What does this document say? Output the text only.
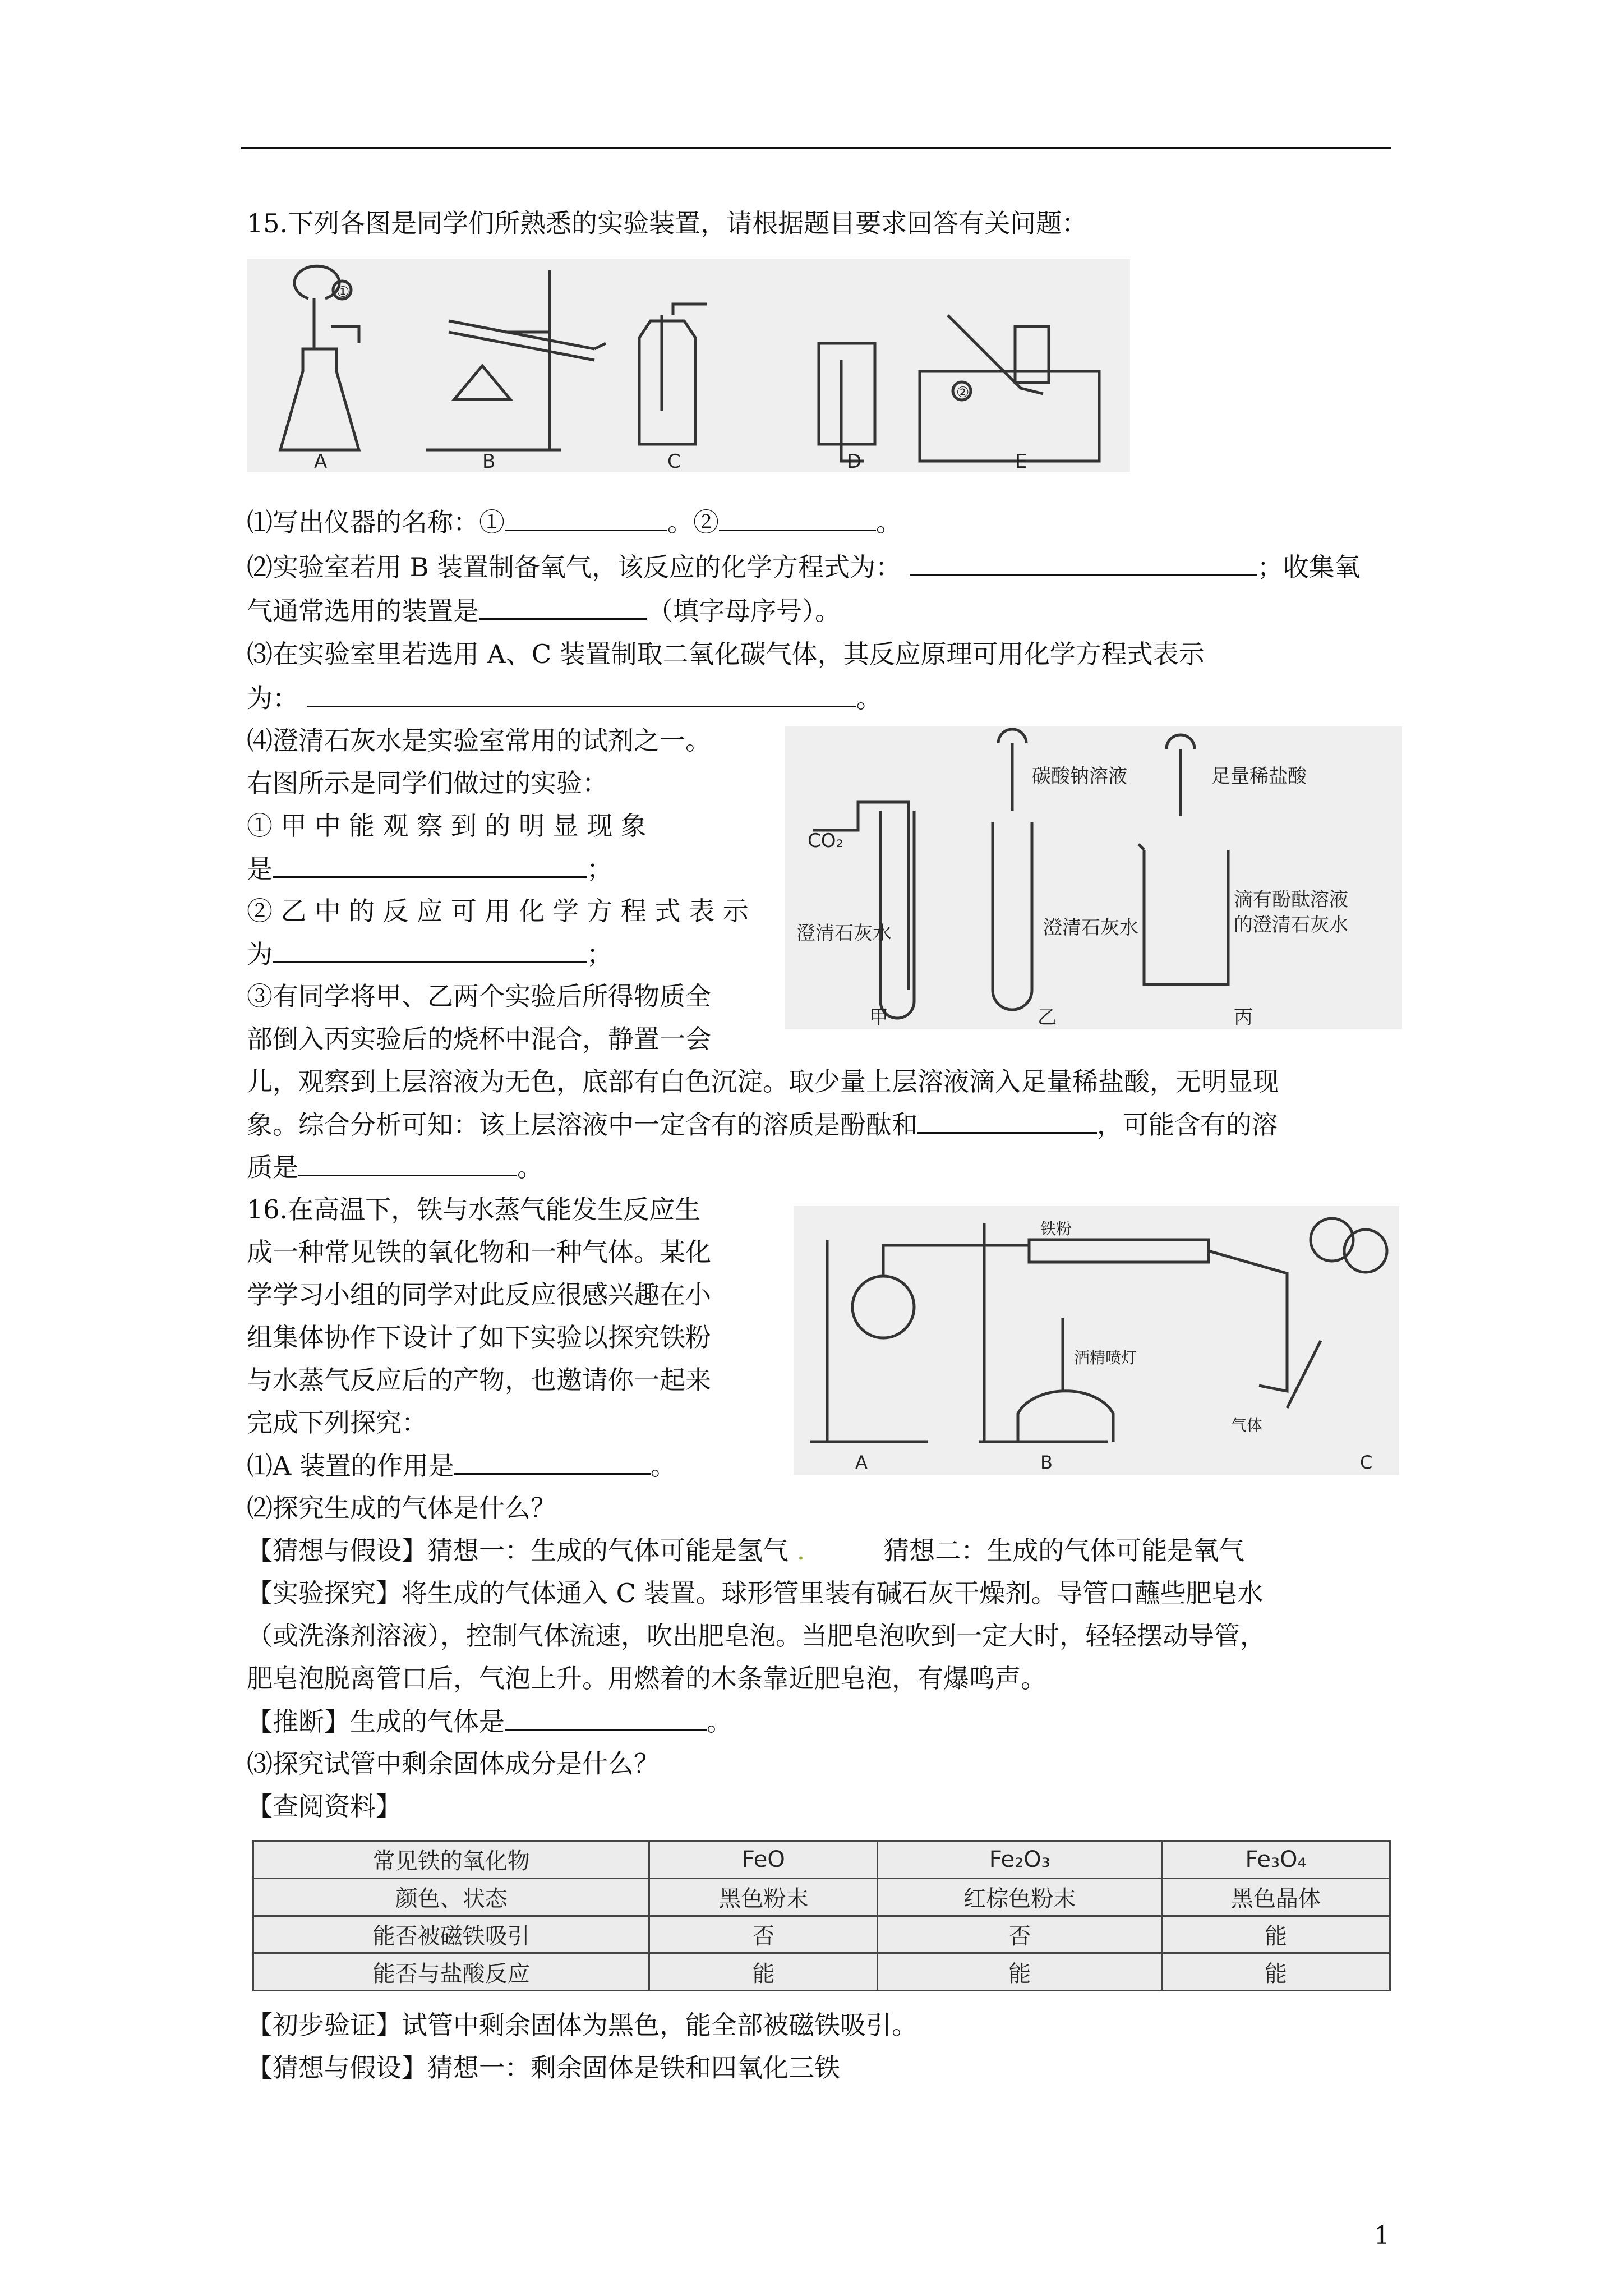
15.下列各图是同学们所熟悉的实验装置，请根据题目要求回答有关问题：
A	B	C	D	E
①
②
⑴写出仪器的名称：①	。②	。
⑵实验室若用 B 装置制备氧气，该反应的化学方程式为：	；收集氧
气通常选用的装置是	（填字母序号）。
⑶在实验室里若选用 A、C 装置制取二氧化碳气体，其反应原理可用化学方程式表示
为：	。
⑷澄清石灰水是实验室常用的试剂之一。
右图所示是同学们做过的实验：
① 甲 中 能 观 察 到 的 明 显 现 象
是	；
② 乙 中 的 反 应 可 用 化 学 方 程 式 表 示
为	；
③有同学将甲、乙两个实验后所得物质全
部倒入丙实验后的烧杯中混合，静置一会
儿，观察到上层溶液为无色，底部有白色沉淀。取少量上层溶液滴入足量稀盐酸，无明显现
象。综合分析可知：该上层溶液中一定含有的溶质是酚酞和	，可能含有的溶
质是	。
CO₂
碳酸钠溶液	足量稀盐酸
澄清石灰水	澄清石灰水
滴有酚酞溶液
的澄清石灰水
甲	乙	丙
16.在高温下，铁与水蒸气能发生反应生
成一种常见铁的氧化物和一种气体。某化
学学习小组的同学对此反应很感兴趣在小
组集体协作下设计了如下实验以探究铁粉
与水蒸气反应后的产物，也邀请你一起来
完成下列探究：
⑴A 装置的作用是	。
铁粉
酒精喷灯
气体
A	B	C
⑵探究生成的气体是什么？
【猜想与假设】猜想一：生成的气体可能是氢气 .	猜想二：生成的气体可能是氧气
【实验探究】将生成的气体通入 C 装置。球形管里装有碱石灰干燥剂。导管口蘸些肥皂水
（或洗涤剂溶液），控制气体流速，吹出肥皂泡。当肥皂泡吹到一定大时，轻轻摆动导管，
肥皂泡脱离管口后，气泡上升。用燃着的木条靠近肥皂泡，有爆鸣声。
【推断】生成的气体是	。
⑶探究试管中剩余固体成分是什么？
【查阅资料】
常见铁的氧化物	FeO	Fe₂O₃	Fe₃O₄
颜色、状态	黑色粉末	红棕色粉末	黑色晶体
能否被磁铁吸引	否	否	能
能否与盐酸反应	能	能	能
【初步验证】试管中剩余固体为黑色，能全部被磁铁吸引。
【猜想与假设】猜想一：剩余固体是铁和四氧化三铁
1
